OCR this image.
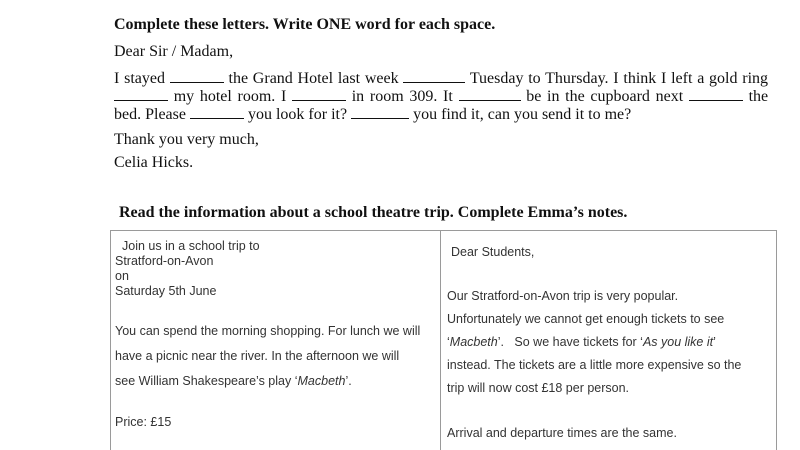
Complete these letters. Write ONE word for each space.
Dear Sir / Madam,
I stayed	the Grand Hotel last week	Tuesday to Thursday. I think I left a gold ring
my hotel room. I	in room 309. It	be in the cupboard next	the
bed. Please	you look for it?	you find it, can you send it to me?
Thank you very much,
Celia Hicks.
Read the information about a school theatre trip. Complete Emma’s notes.
Join us in a school trip to
Stratford-on-Avon
on
Saturday 5th June
You can spend the morning shopping. For lunch we will
have a picnic near the river. In the afternoon we will
see William Shakespeare’s play ‘Macbeth’.
Price: £15
Dear Students,
Our Stratford-on-Avon trip is very popular.
Unfortunately we cannot get enough tickets to see
‘Macbeth’.   So we have tickets for ‘As you like it’
instead. The tickets are a little more expensive so the
trip will now cost £18 per person.
Arrival and departure times are the same.
